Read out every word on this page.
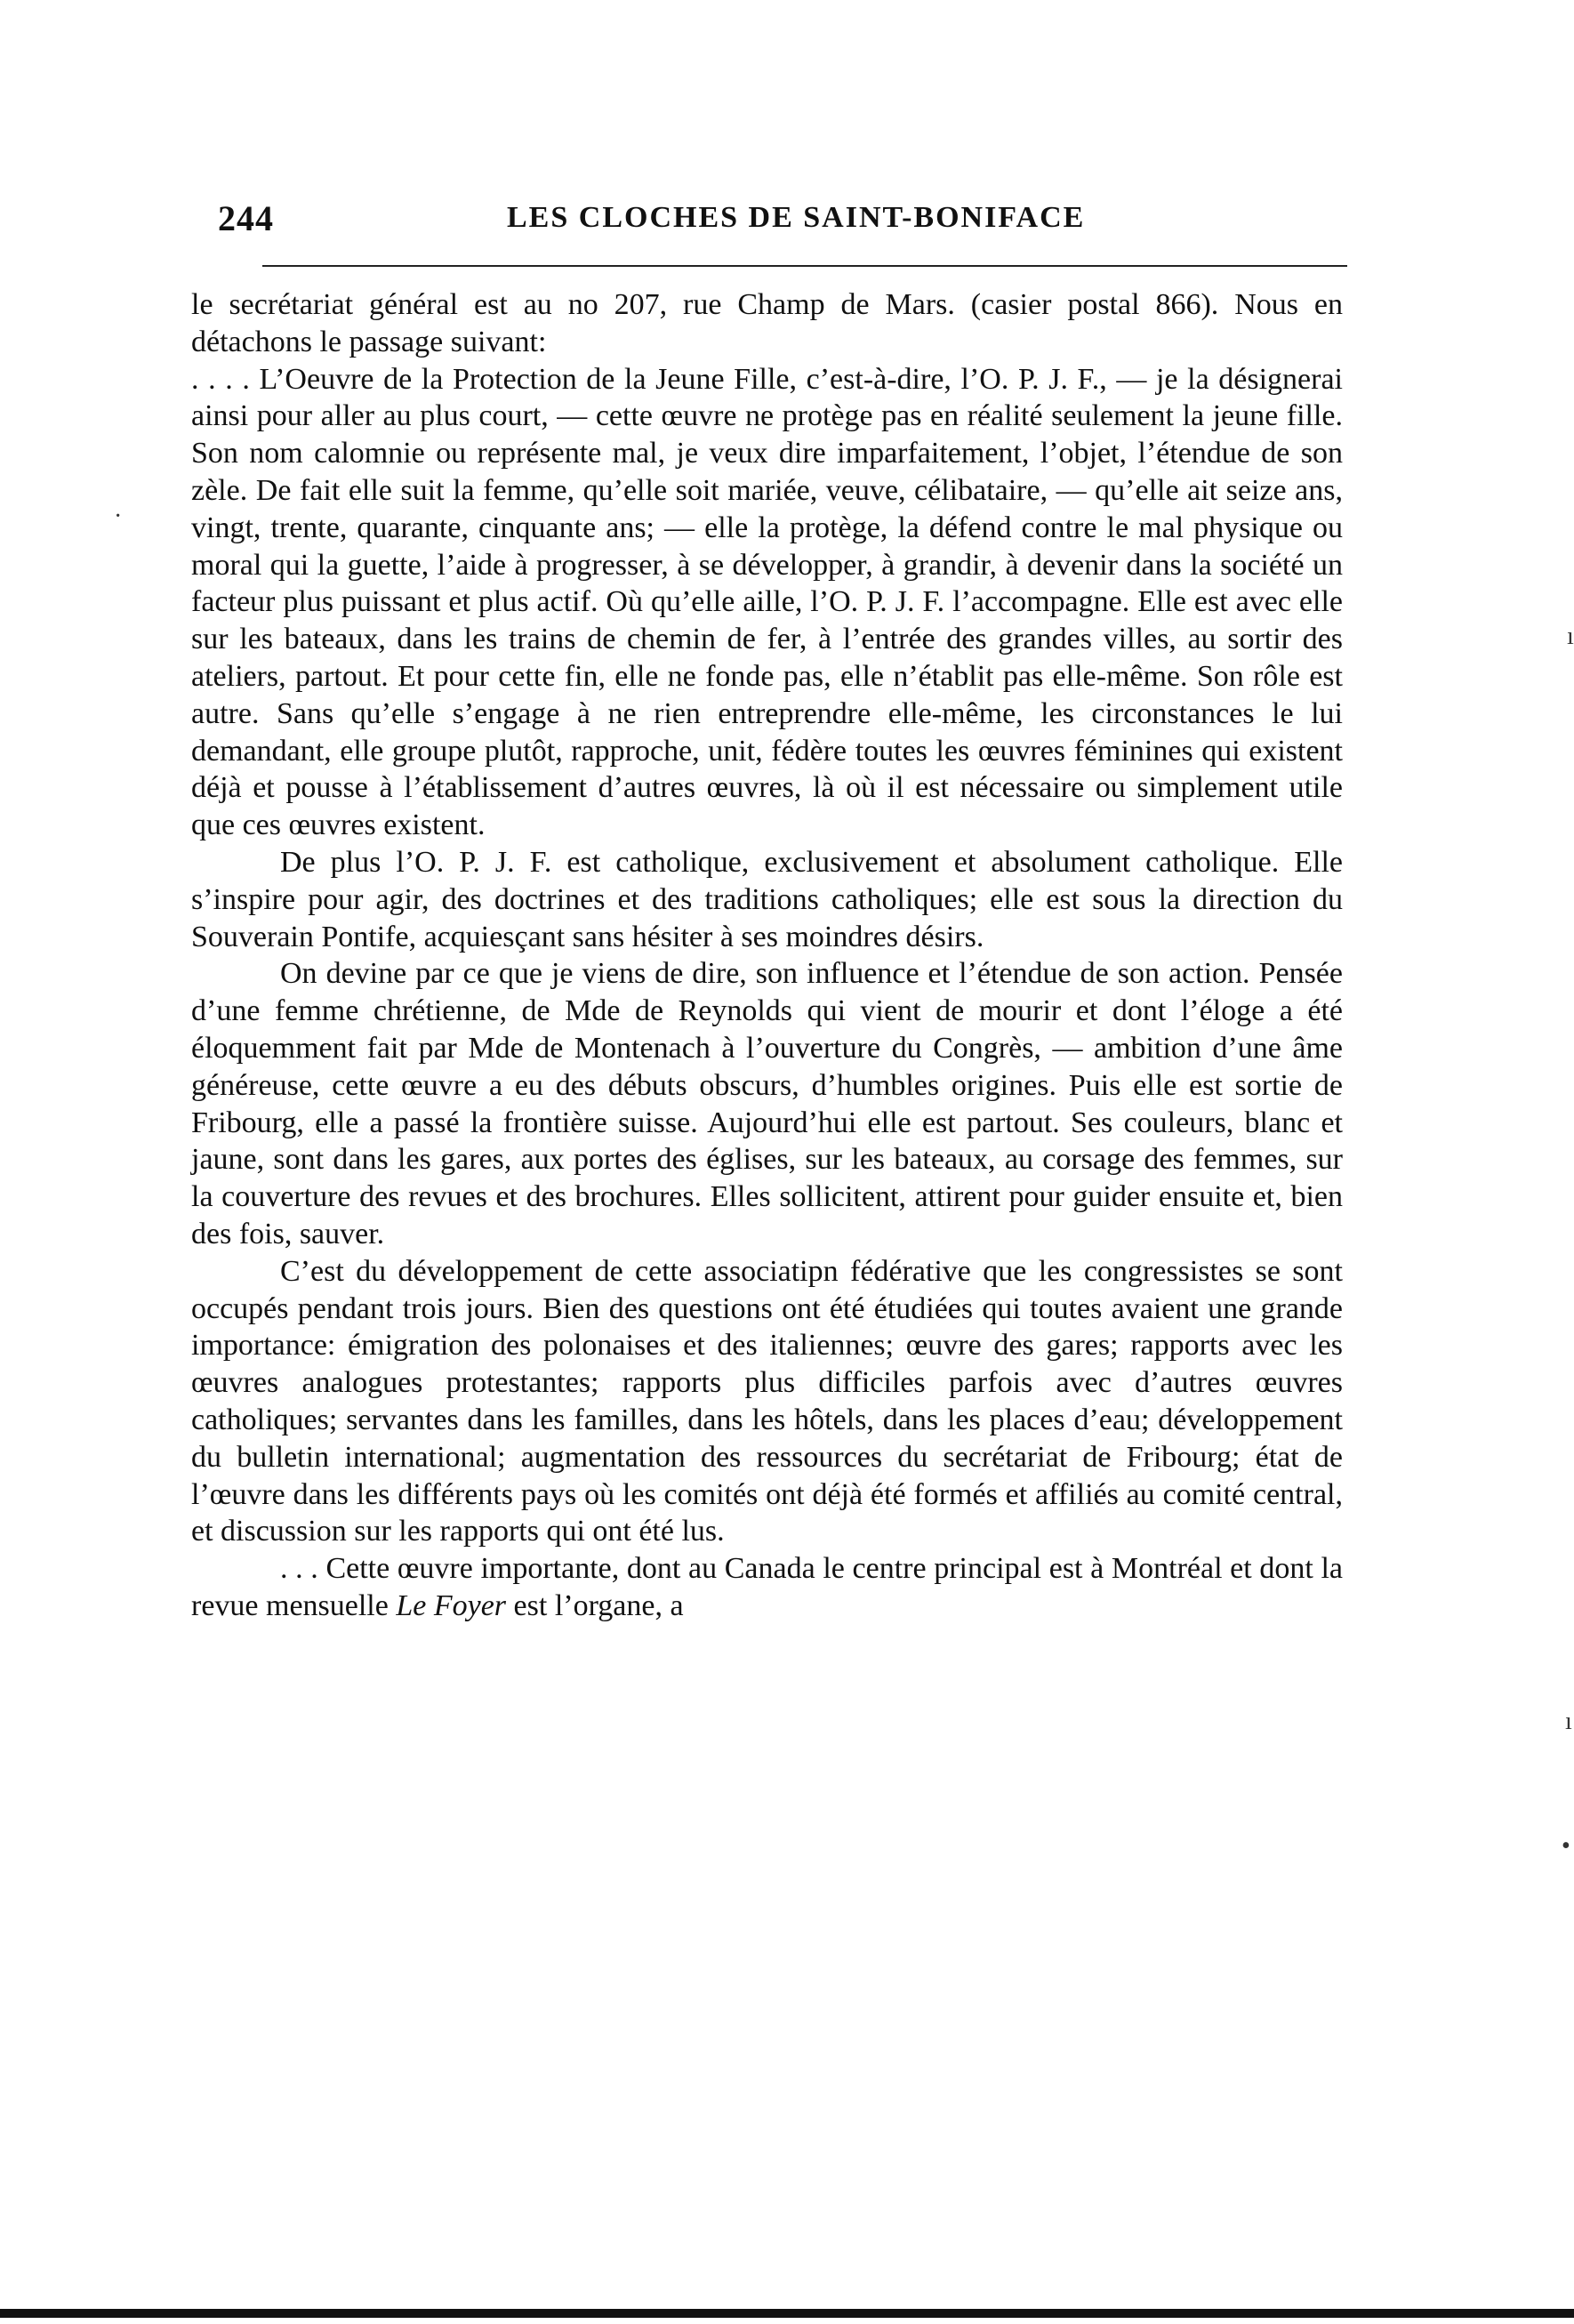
244	LES CLOCHES DE SAINT-BONIFACE

le secrétariat général est au no 207, rue Champ de Mars. (casier postal 866). Nous en détachons le passage suivant:

. . . . L’Oeuvre de la Protection de la Jeune Fille, c’est-à-dire, l’O. P. J. F., — je la désignerai ainsi pour aller au plus court, — cette œuvre ne protège pas en réalité seulement la jeune fille. Son nom calomnie ou représente mal, je veux dire imparfaitement, l’objet, l’étendue de son zèle. De fait elle suit la femme, qu’elle soit mariée, veuve, célibataire, — qu’elle ait seize ans, vingt, trente, quarante, cinquante ans; — elle la protège, la défend contre le mal physique ou moral qui la guette, l’aide à progresser, à se développer, à grandir, à devenir dans la société un facteur plus puissant et plus actif. Où qu’elle aille, l’O. P. J. F. l’accompagne. Elle est avec elle sur les bateaux, dans les trains de chemin de fer, à l’entrée des grandes villes, au sortir des ateliers, partout. Et pour cette fin, elle ne fonde pas, elle n’établit pas elle-même. Son rôle est autre. Sans qu’elle s’engage à ne rien entreprendre elle-même, les circonstances le lui demandant, elle groupe plutôt, rapproche, unit, fédère toutes les œuvres féminines qui existent déjà et pousse à l’établissement d’autres œuvres, là où il est nécessaire ou simplement utile que ces œuvres existent.

De plus l’O. P. J. F. est catholique, exclusivement et absolument catholique. Elle s’inspire pour agir, des doctrines et des traditions catholiques; elle est sous la direction du Souverain Pontife, acquiesçant sans hésiter à ses moindres désirs.

On devine par ce que je viens de dire, son influence et l’étendue de son action. Pensée d’une femme chrétienne, de Mde de Reynolds qui vient de mourir et dont l’éloge a été éloquemment fait par Mde de Montenach à l’ouverture du Congrès, — ambition d’une âme généreuse, cette œuvre a eu des débuts obscurs, d’humbles origines. Puis elle est sortie de Fribourg, elle a passé la frontière suisse. Aujourd’hui elle est partout. Ses couleurs, blanc et jaune, sont dans les gares, aux portes des églises, sur les bateaux, au corsage des femmes, sur la couverture des revues et des brochures. Elles sollicitent, attirent pour guider ensuite et, bien des fois, sauver.

C’est du développement de cette associatipn fédérative que les congressistes se sont occupés pendant trois jours. Bien des questions ont été étudiées qui toutes avaient une grande importance: émigration des polonaises et des italiennes; œuvre des gares; rapports avec les œuvres analogues protestantes; rapports plus difficiles parfois avec d’autres œuvres catholiques; servantes dans les familles, dans les hôtels, dans les places d’eau; développement du bulletin international; augmentation des ressources du secrétariat de Fribourg; état de l’œuvre dans les différents pays où les comités ont déjà été formés et affiliés au comité central, et discussion sur les rapports qui ont été lus.

. . . Cette œuvre importante, dont au Canada le centre principal est à Montréal et dont la revue mensuelle Le Foyer est l’organe, a

·
ı
ı
•
